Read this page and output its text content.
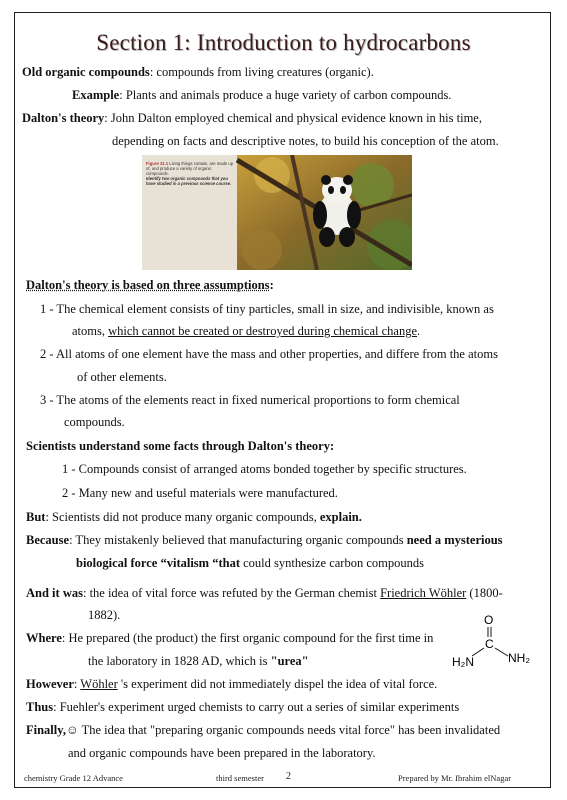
Section 1: Introduction to hydrocarbons
Old organic compounds: compounds from living creatures (organic).
Example: Plants and animals produce a huge variety of carbon compounds.
Dalton's theory: John Dalton employed chemical and physical evidence known in his time,
depending on facts and descriptive notes, to build his conception of the atom.
Figure 31.1 Living things contain, are made up of, and produce a variety of organic compounds.
Identify two organic compounds that you have studied in a previous science course.
Dalton's theory is based on three assumptions:
1 - The chemical element consists of tiny particles, small in size, and indivisible, known as
atoms, which cannot be created or destroyed during chemical change.
2 - All atoms of one element have the mass and other properties, and differe from the atoms
of other elements.
3 - The atoms of the elements react in fixed numerical proportions to form chemical
compounds.
Scientists understand some facts through Dalton's theory:
1 - Compounds consist of arranged atoms bonded together by specific structures.
2 - Many new and useful materials were manufactured.
But: Scientists did not produce many organic compounds, explain.
Because: They mistakenly believed that manufacturing organic compounds need a mysterious
biological force “vitalism “that could synthesize carbon compounds
And it was: the idea of vital force was refuted by the German chemist Friedrich Wöhler (1800-
1882).
Where: He prepared (the product) the first organic compound for the first time in
the laboratory in 1828 AD, which is "urea"
O
C
H₂N	NH₂
However: Wöhler 's experiment did not immediately dispel the idea of vital force.
Thus: Fuehler's experiment urged chemists to carry out a series of similar experiments
Finally,☺ The idea that "preparing organic compounds needs vital force" has been invalidated
and organic compounds have been prepared in the laboratory.
chemistry Grade 12 Advance	third semester 2	Prepared by Mr. Ibrahim elNagar
